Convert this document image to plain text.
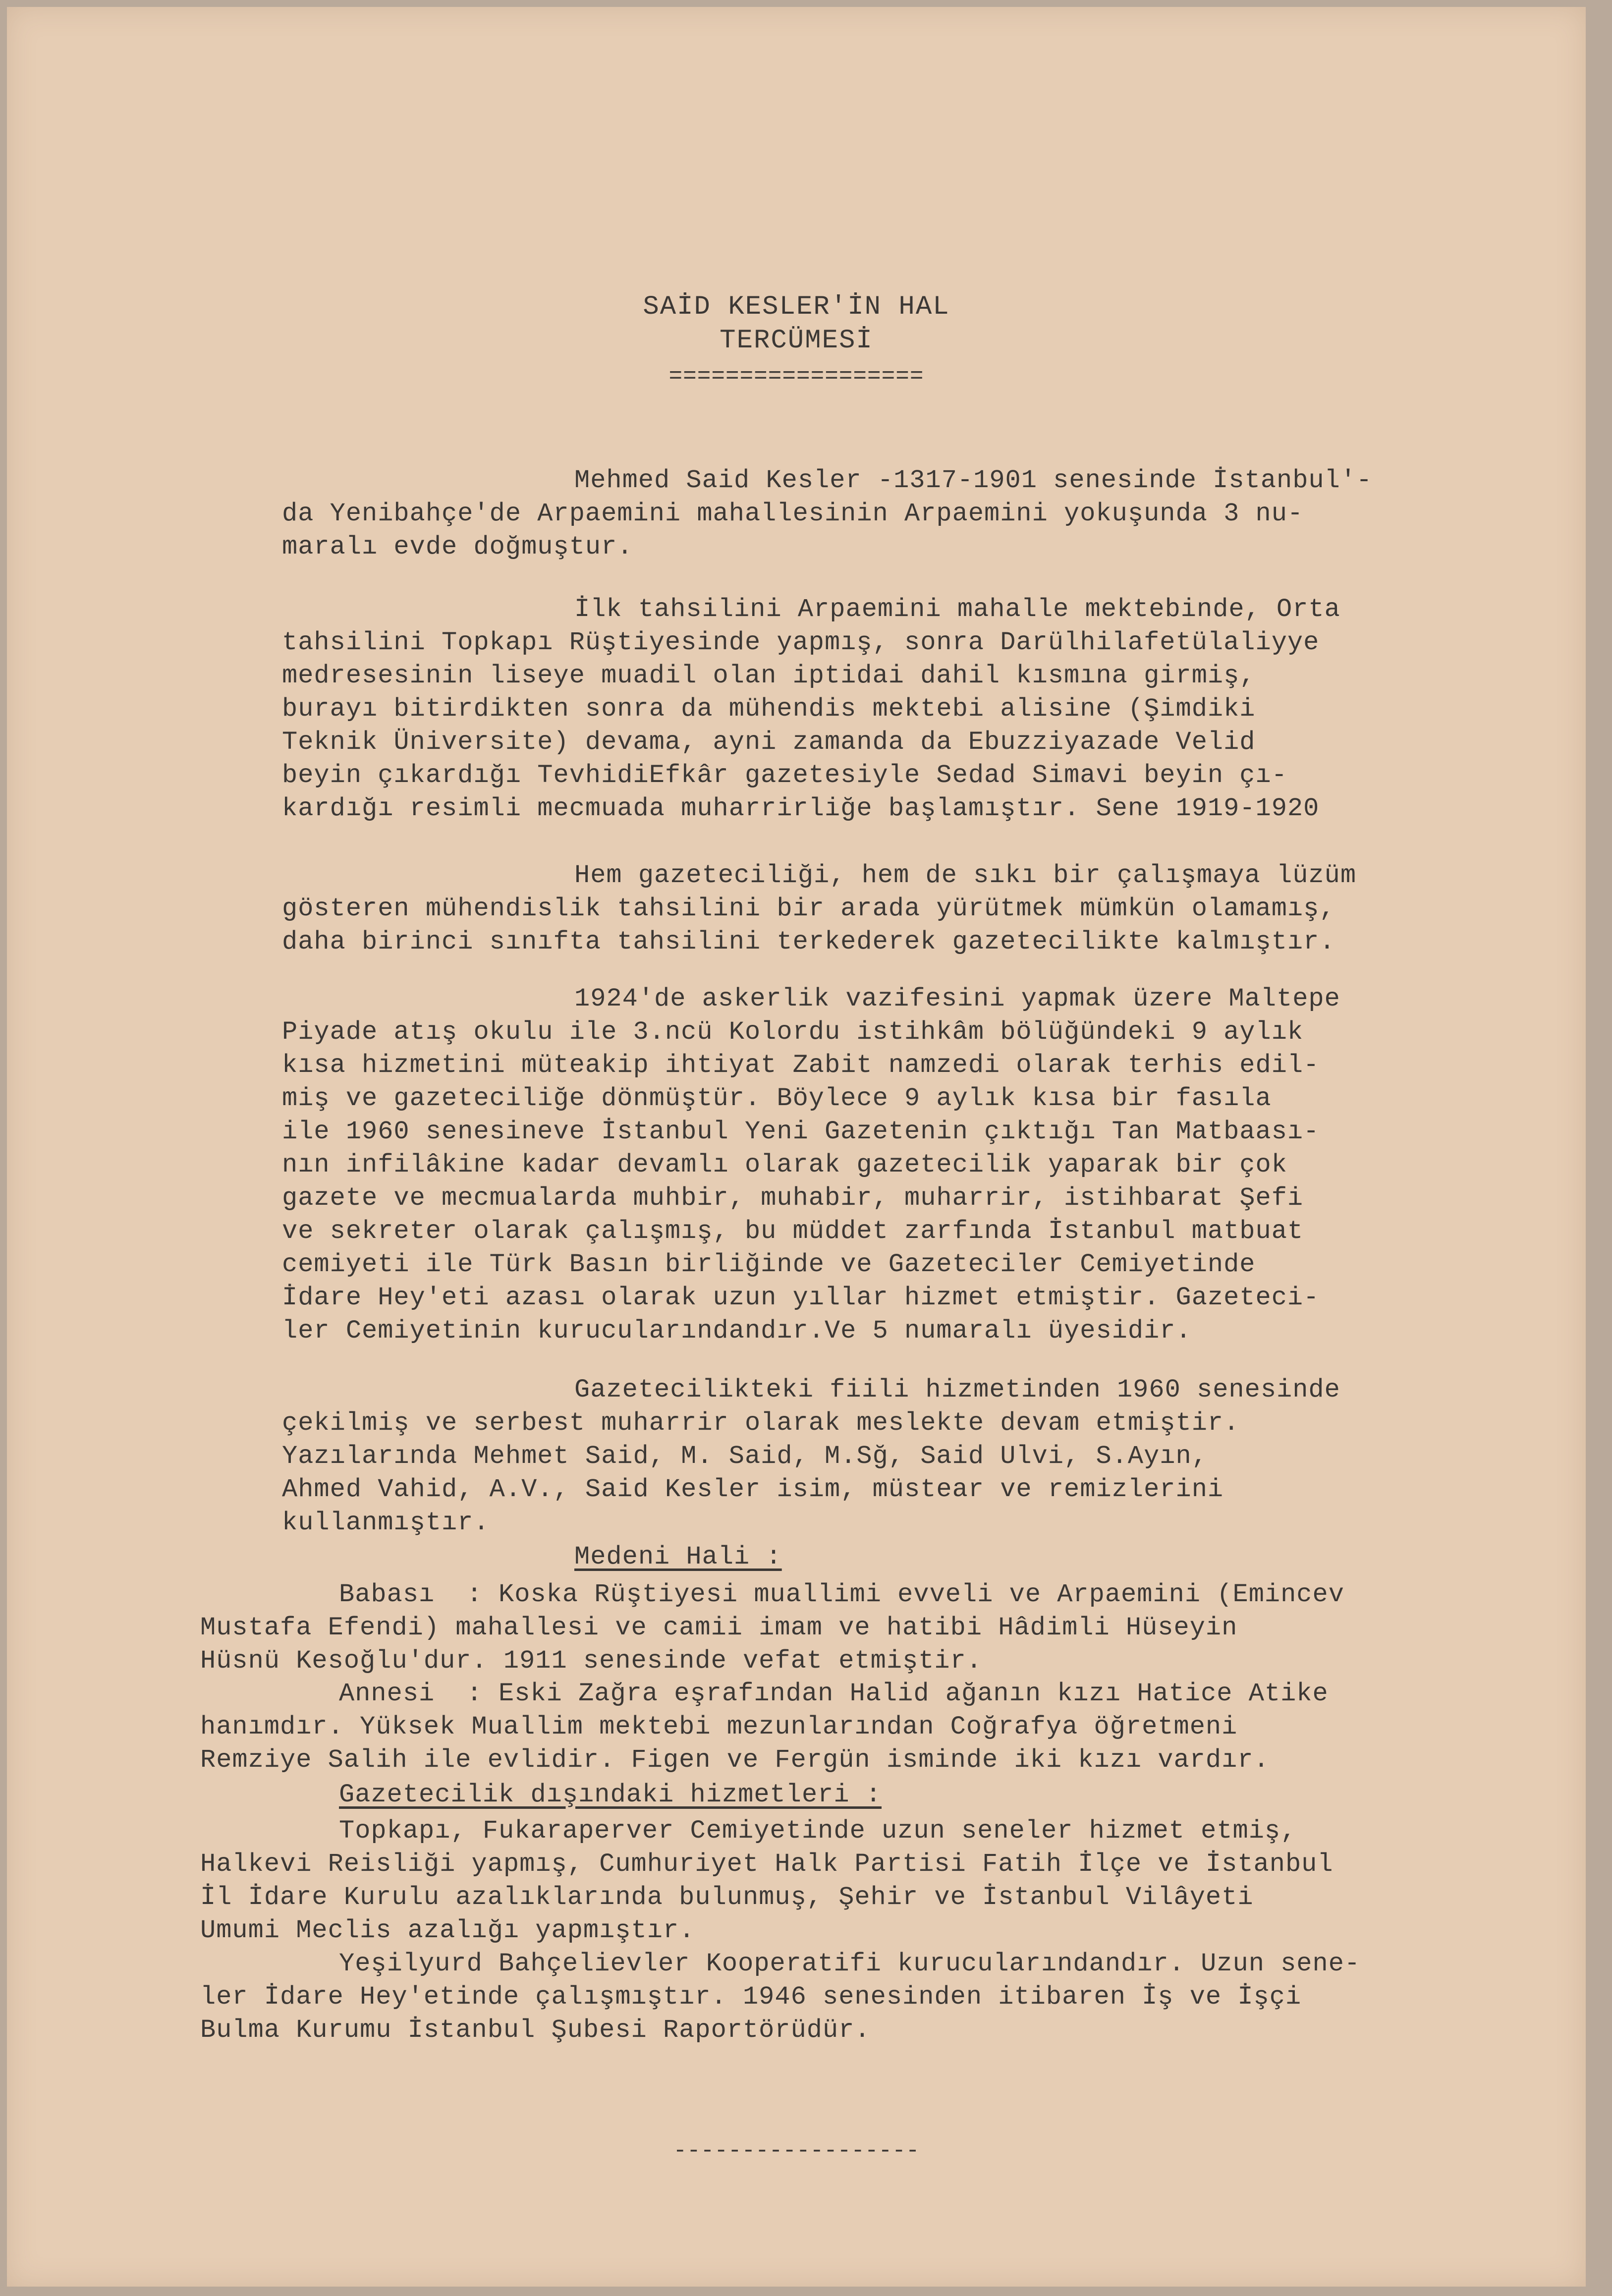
SAİD KESLER'İN HAL
TERCÜMESİ
==================
Mehmed Said Kesler -1317-1901 senesinde İstanbul'-
da Yenibahçe'de Arpaemini mahallesinin Arpaemini yokuşunda 3 nu-
maralı evde doğmuştur.
İlk tahsilini Arpaemini mahalle mektebinde, Orta
tahsilini Topkapı Rüştiyesinde yapmış, sonra Darülhilafetülaliyye
medresesinin liseye muadil olan iptidai dahil kısmına girmiş,
burayı bitirdikten sonra da mühendis mektebi alisine (Şimdiki
Teknik Üniversite) devama, ayni zamanda da Ebuzziyazade Velid
beyin çıkardığı TevhidiEfkâr gazetesiyle Sedad Simavi beyin çı-
kardığı resimli mecmuada muharrirliğe başlamıştır. Sene 1919-1920
Hem gazeteciliği, hem de sıkı bir çalışmaya lüzüm
gösteren mühendislik tahsilini bir arada yürütmek mümkün olamamış,
daha birinci sınıfta tahsilini terkederek gazetecilikte kalmıştır.
1924'de askerlik vazifesini yapmak üzere Maltepe
Piyade atış okulu ile 3.ncü Kolordu istihkâm bölüğündeki 9 aylık
kısa hizmetini müteakip ihtiyat Zabit namzedi olarak terhis edil-
miş ve gazeteciliğe dönmüştür. Böylece 9 aylık kısa bir fasıla
ile 1960 senesineve İstanbul Yeni Gazetenin çıktığı Tan Matbaası-
nın infilâkine kadar devamlı olarak gazetecilik yaparak bir çok
gazete ve mecmualarda muhbir, muhabir, muharrir, istihbarat Şefi
ve sekreter olarak çalışmış, bu müddet zarfında İstanbul matbuat
cemiyeti ile Türk Basın birliğinde ve Gazeteciler Cemiyetinde
İdare Hey'eti azası olarak uzun yıllar hizmet etmiştir. Gazeteci-
ler Cemiyetinin kurucularındandır.Ve 5 numaralı üyesidir.
Gazetecilikteki fiili hizmetinden 1960 senesinde
çekilmiş ve serbest muharrir olarak meslekte devam etmiştir.
Yazılarında Mehmet Said, M. Said, M.Sğ, Said Ulvi, S.Ayın,
Ahmed Vahid, A.V., Said Kesler isim, müstear ve remizlerini
kullanmıştır.
Medeni Hali :
Babası  : Koska Rüştiyesi muallimi evveli ve Arpaemini (Emincev
Mustafa Efendi) mahallesi ve camii imam ve hatibi Hâdimli Hüseyin
Hüsnü Kesoğlu'dur. 1911 senesinde vefat etmiştir.
Annesi  : Eski Zağra eşrafından Halid ağanın kızı Hatice Atike
hanımdır. Yüksek Muallim mektebi mezunlarından Coğrafya öğretmeni
Remziye Salih ile evlidir. Figen ve Fergün isminde iki kızı vardır.
Gazetecilik dışındaki hizmetleri :
Topkapı, Fukaraperver Cemiyetinde uzun seneler hizmet etmiş,
Halkevi Reisliği yapmış, Cumhuriyet Halk Partisi Fatih İlçe ve İstanbul
İl İdare Kurulu azalıklarında bulunmuş, Şehir ve İstanbul Vilâyeti
Umumi Meclis azalığı yapmıştır.
Yeşilyurd Bahçelievler Kooperatifi kurucularındandır. Uzun sene-
ler İdare Hey'etinde çalışmıştır. 1946 senesinden itibaren İş ve İşçi
Bulma Kurumu İstanbul Şubesi Raportörüdür.
------------------
